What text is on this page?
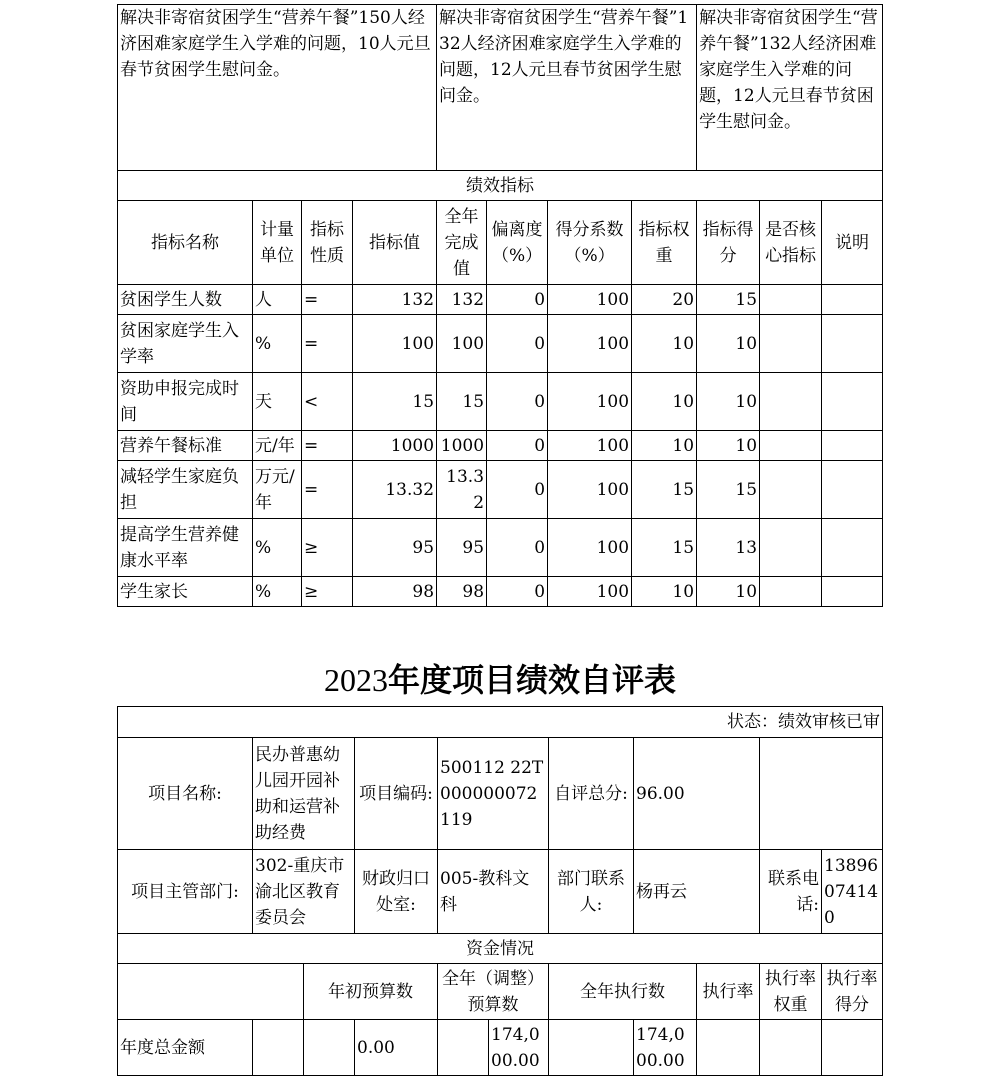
解决非寄宿贫困学生“营养午餐”150人经济困难家庭学生入学难的问题，10人元旦春节贫困学生慰问金。				解决非寄宿贫困学生“营养午餐”132人经济困难家庭学生入学难的问题，12人元旦春节贫困学生慰问金。				解决非寄宿贫困学生“营养午餐”132人经济困难家庭学生入学难的问题，12人元旦春节贫困学生慰问金。		
绩效指标										
指标名称	计量单位	指标性质	指标值	全年完成值	偏离度（%）	得分系数（%）	指标权重	指标得分	是否核心指标	说明
贫困学生人数	人	=	132	132	0	100	20	15		
贫困家庭学生入学率	%	=	100	100	0	100	10	10		
资助申报完成时间	天	<	15	15	0	100	10	10		
营养午餐标准	元/年	=	1000	1000	0	100	10	10		
减轻学生家庭负担	万元/年	=	13.32	13.32	0	100	15	15		
提高学生营养健康水平率	%	≥	95	95	0	100	15	13		
学生家长	%	≥	98	98	0	100	10	10		
2023年度项目绩效自评表
状态：绩效审核已审										
项目名称:	民办普惠幼儿园开园补助和运营补助经费		项目编码:	500112 22T000000072119		自评总分:	96.00			
项目主管部门:	302-重庆市渝北区教育委员会		财政归口处室:	005-教科文科		部门联系人:	杨再云		联系电话:	13896074140
资金情况										
		年初预算数		全年（调整）预算数		全年执行数		执行率	执行率权重	执行率得分
年度总金额			0.00		174,000.00		174,000.00			
